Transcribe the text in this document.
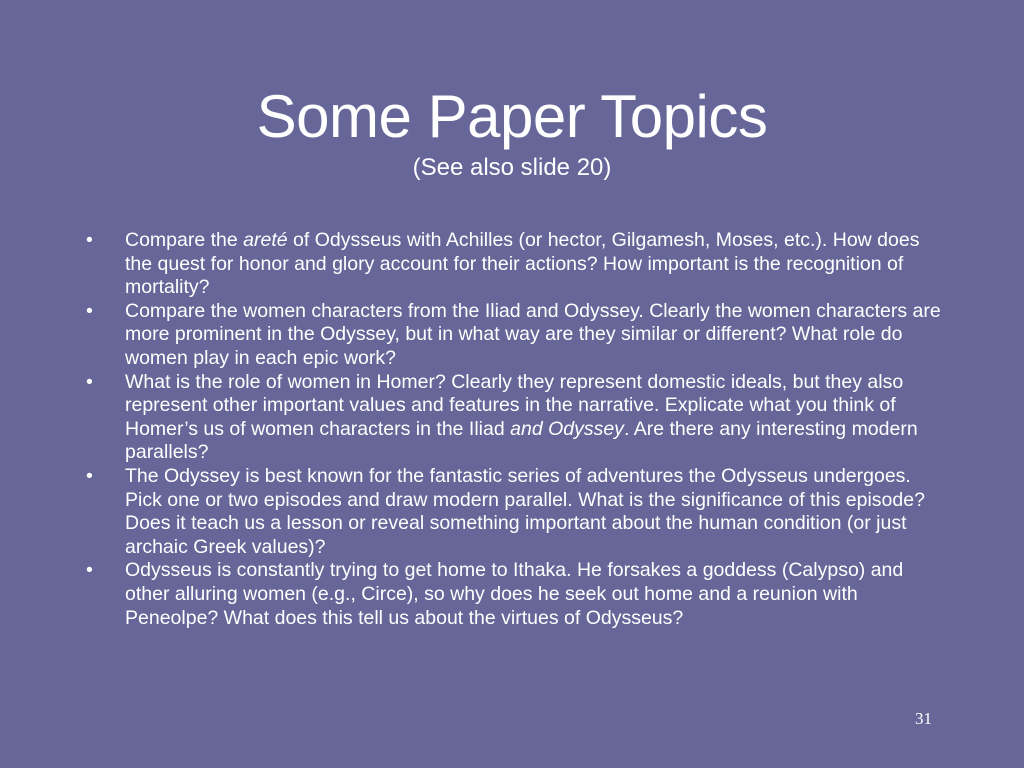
Some Paper Topics
(See also slide 20)
• Compare the areté of Odysseus with Achilles (or hector, Gilgamesh, Moses, etc.). How does the quest for honor and glory account for their actions? How important is the recognition of mortality?
• Compare the women characters from the Iliad and Odyssey. Clearly the women characters are more prominent in the Odyssey, but in what way are they similar or different? What role do women play in each epic work?
• What is the role of women in Homer? Clearly they represent domestic ideals, but they also represent other important values and features in the narrative. Explicate what you think of Homer’s us of women characters in the Iliad and Odyssey. Are there any interesting modern parallels?
• The Odyssey is best known for the fantastic series of adventures the Odysseus undergoes. Pick one or two episodes and draw modern parallel. What is the significance of this episode? Does it teach us a lesson or reveal something important about the human condition (or just archaic Greek values)?
• Odysseus is constantly trying to get home to Ithaka. He forsakes a goddess (Calypso) and other alluring women (e.g., Circe), so why does he seek out home and a reunion with Peneolpe? What does this tell us about the virtues of Odysseus?
31
